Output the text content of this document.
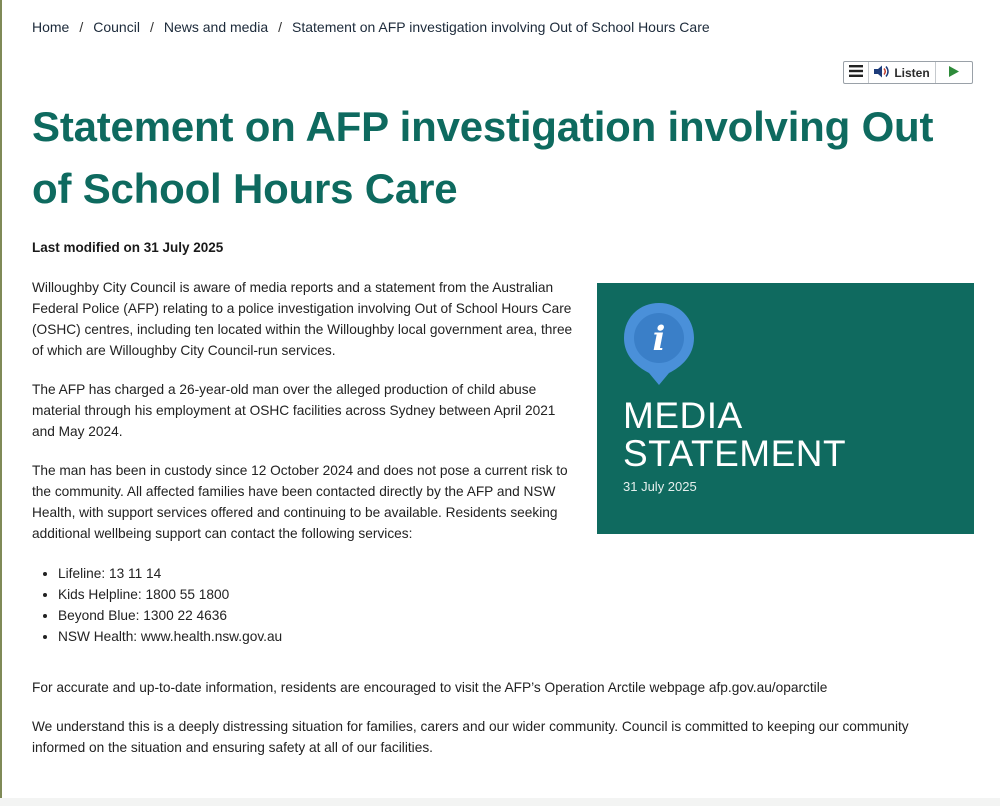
Home / Council / News and media / Statement on AFP investigation involving Out of School Hours Care
Listen
Statement on AFP investigation involving Out of School Hours Care
Last modified on 31 July 2025

Willoughby City Council is aware of media reports and a statement from the Australian Federal Police (AFP) relating to a police investigation involving Out of School Hours Care (OSHC) centres, including ten located within the Willoughby local government area, three of which are Willoughby City Council-run services.

The AFP has charged a 26-year-old man over the alleged production of child abuse material through his employment at OSHC facilities across Sydney between April 2021 and May 2024.

The man has been in custody since 12 October 2024 and does not pose a current risk to the community. All affected families have been contacted directly by the AFP and NSW Health, with support services offered and continuing to be available. Residents seeking additional wellbeing support can contact the following services:

• Lifeline: 13 11 14
• Kids Helpline: 1800 55 1800
• Beyond Blue: 1300 22 4636
• NSW Health: www.health.nsw.gov.au

For accurate and up-to-date information, residents are encouraged to visit the AFP’s Operation Arctile webpage afp.gov.au/oparctile

We understand this is a deeply distressing situation for families, carers and our wider community. Council is committed to keeping our community informed on the situation and ensuring safety at all of our facilities.

i
MEDIA
STATEMENT
31 July 2025
